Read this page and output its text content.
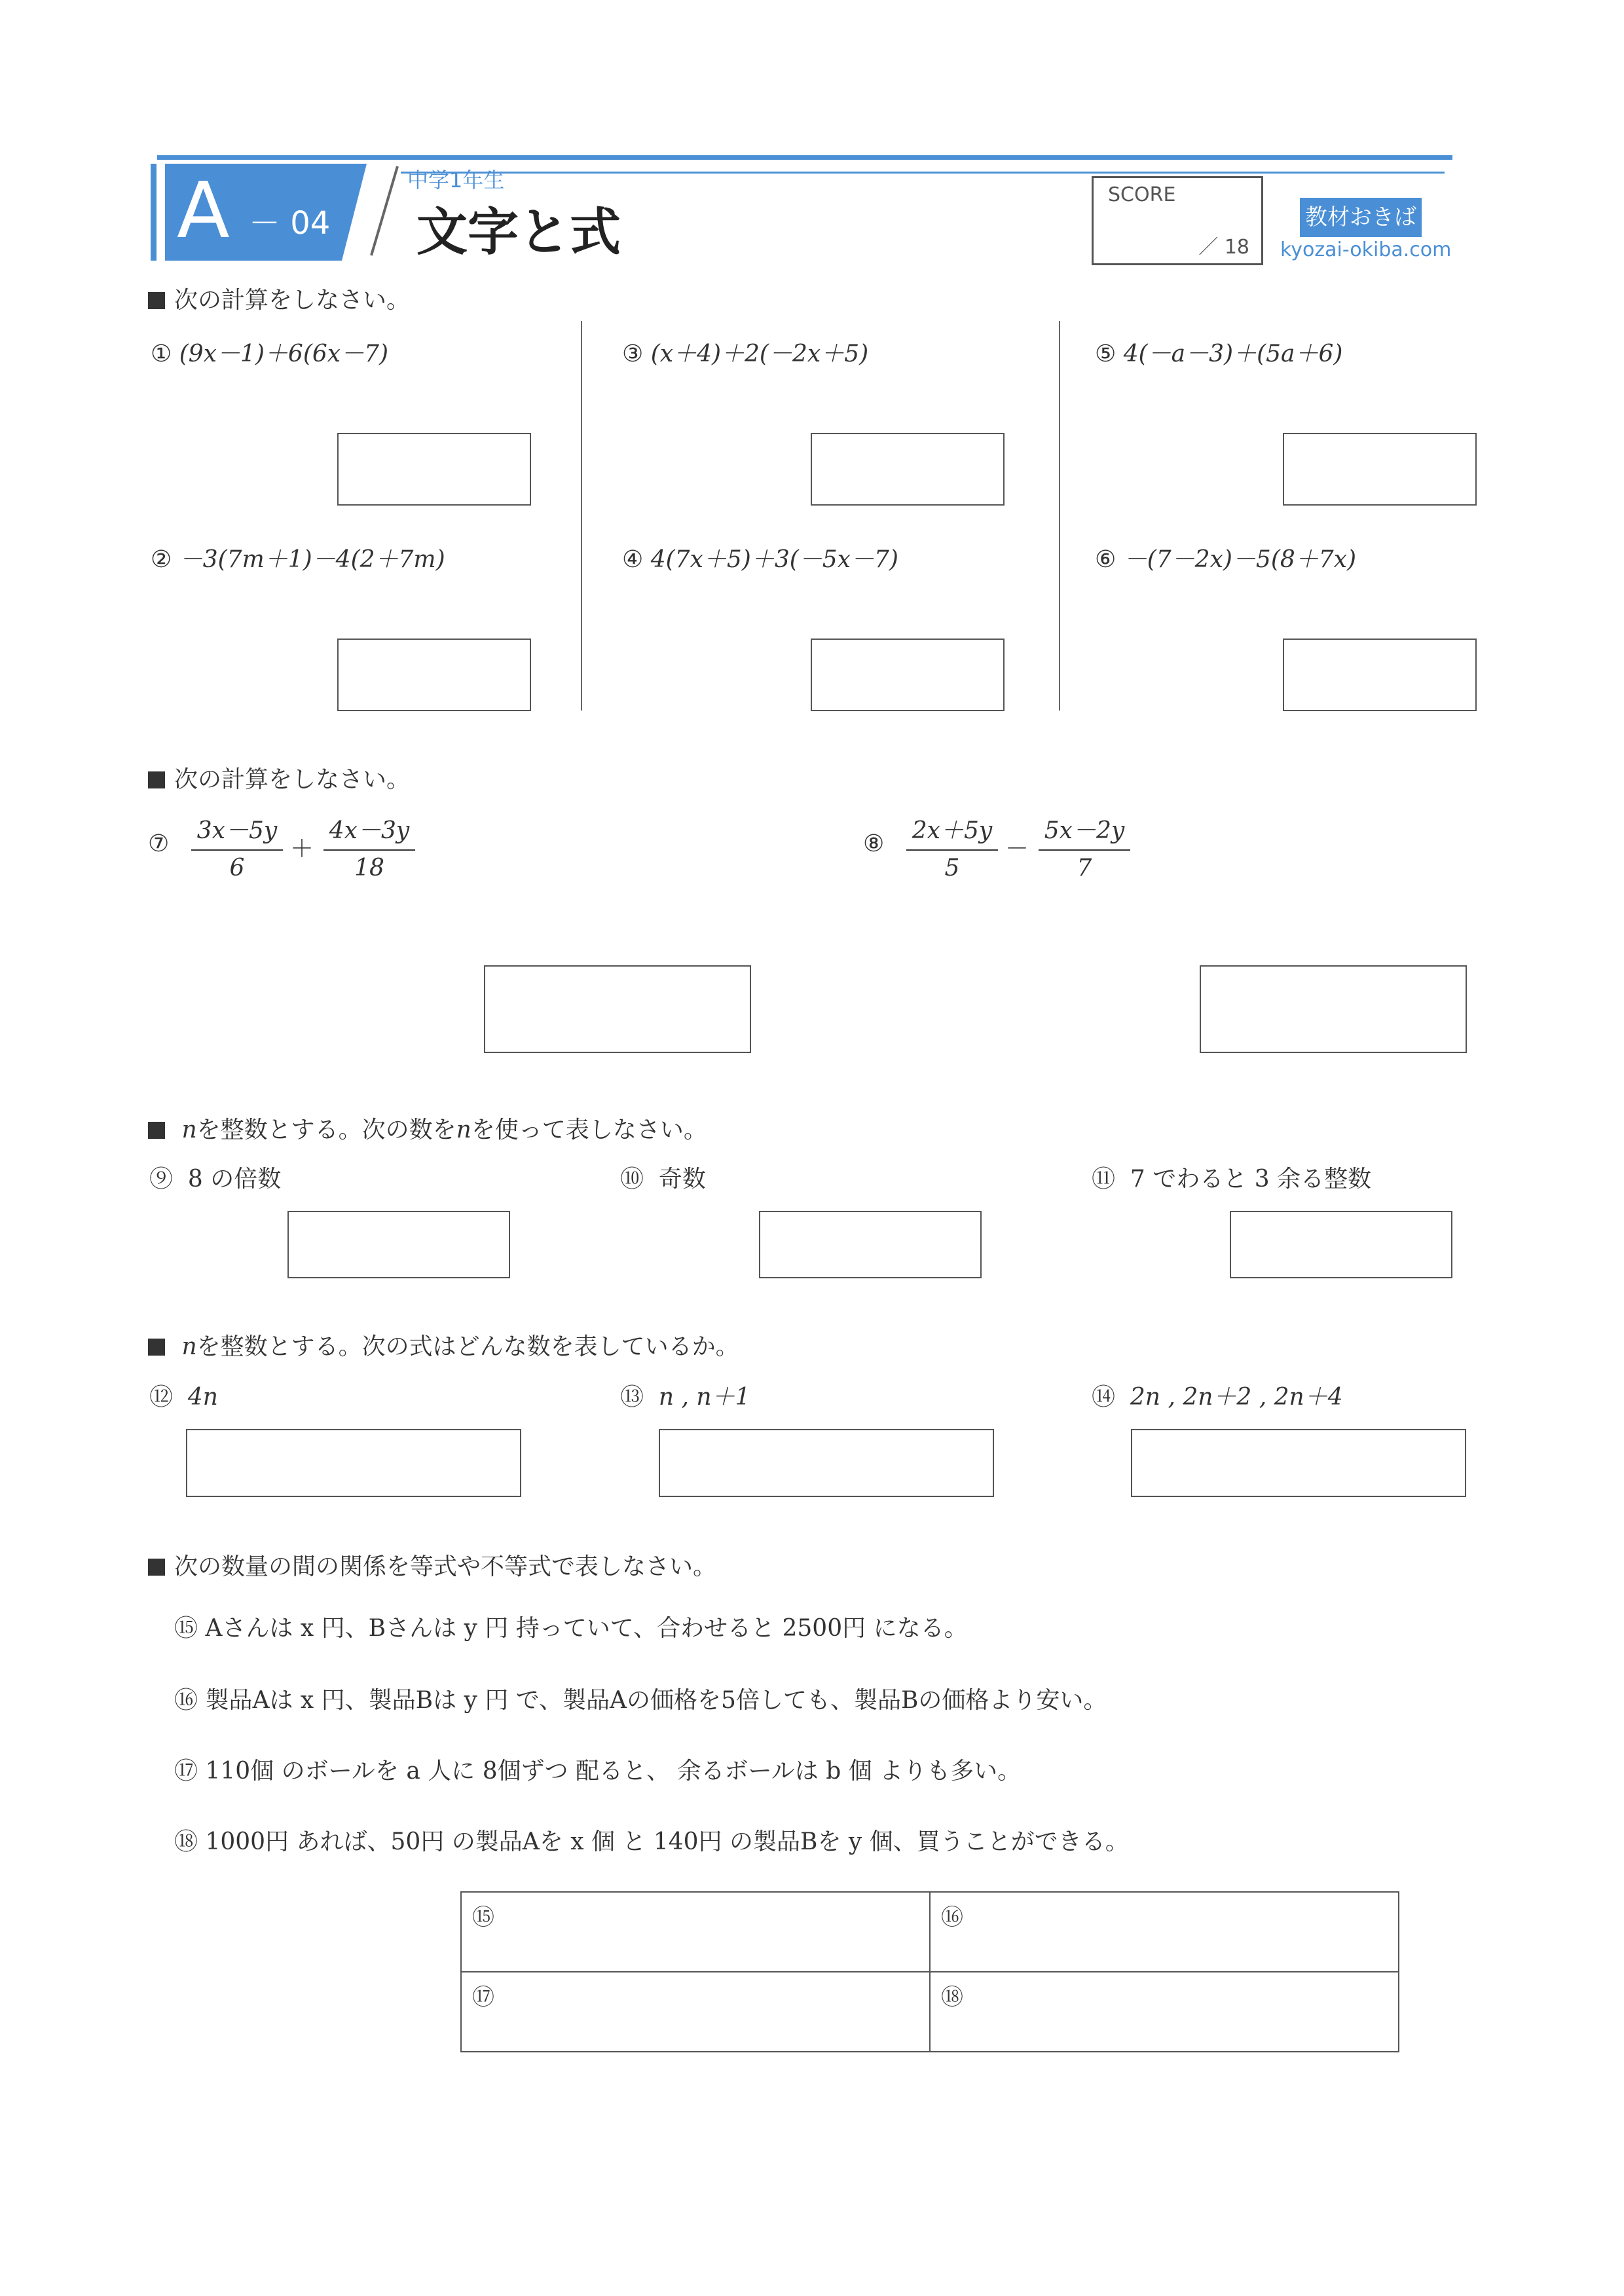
A － 04
中学1年生
文字と式
SCORE
／ 18
教材おきば
kyozai-okiba.com
次の計算をしなさい。
① (9x－1)＋6(6x－7)
② －3(7m＋1)－4(2＋7m)
③ (x＋4)＋2(－2x＋5)
④ 4(7x＋5)＋3(－5x－7)
⑤ 4(－a－3)＋(5a＋6)
⑥ －(7－2x)－5(8＋7x)
次の計算をしなさい。
⑦ $\frac{3x-5y}{6} + \frac{4x-3y}{18}$	⑧ $\frac{2x+5y}{5} - \frac{5x-2y}{7}$
nを整数とする。次の数をnを使って表しなさい。
⑨ 8 の倍数	⑩ 奇数	⑪ 7 でわると 3 余る整数
nを整数とする。次の式はどんな数を表しているか。
⑫ 4n	⑬ n , n＋1	⑭ 2n , 2n＋2 , 2n＋4
次の数量の間の関係を等式や不等式で表しなさい。
⑮ Aさんは x 円、Bさんは y 円 持っていて、合わせると 2500円 になる。
⑯ 製品Aは x 円、製品Bは y 円 で、製品Aの価格を5倍しても、製品Bの価格より安い。
⑰ 110個 のボールを a 人に 8個ずつ 配ると、 余るボールは b 個 よりも多い。
⑱ 1000円 あれば、50円 の製品Aを x 個 と 140円 の製品Bを y 個、買うことができる。
⑮	⑯
⑰	⑱
